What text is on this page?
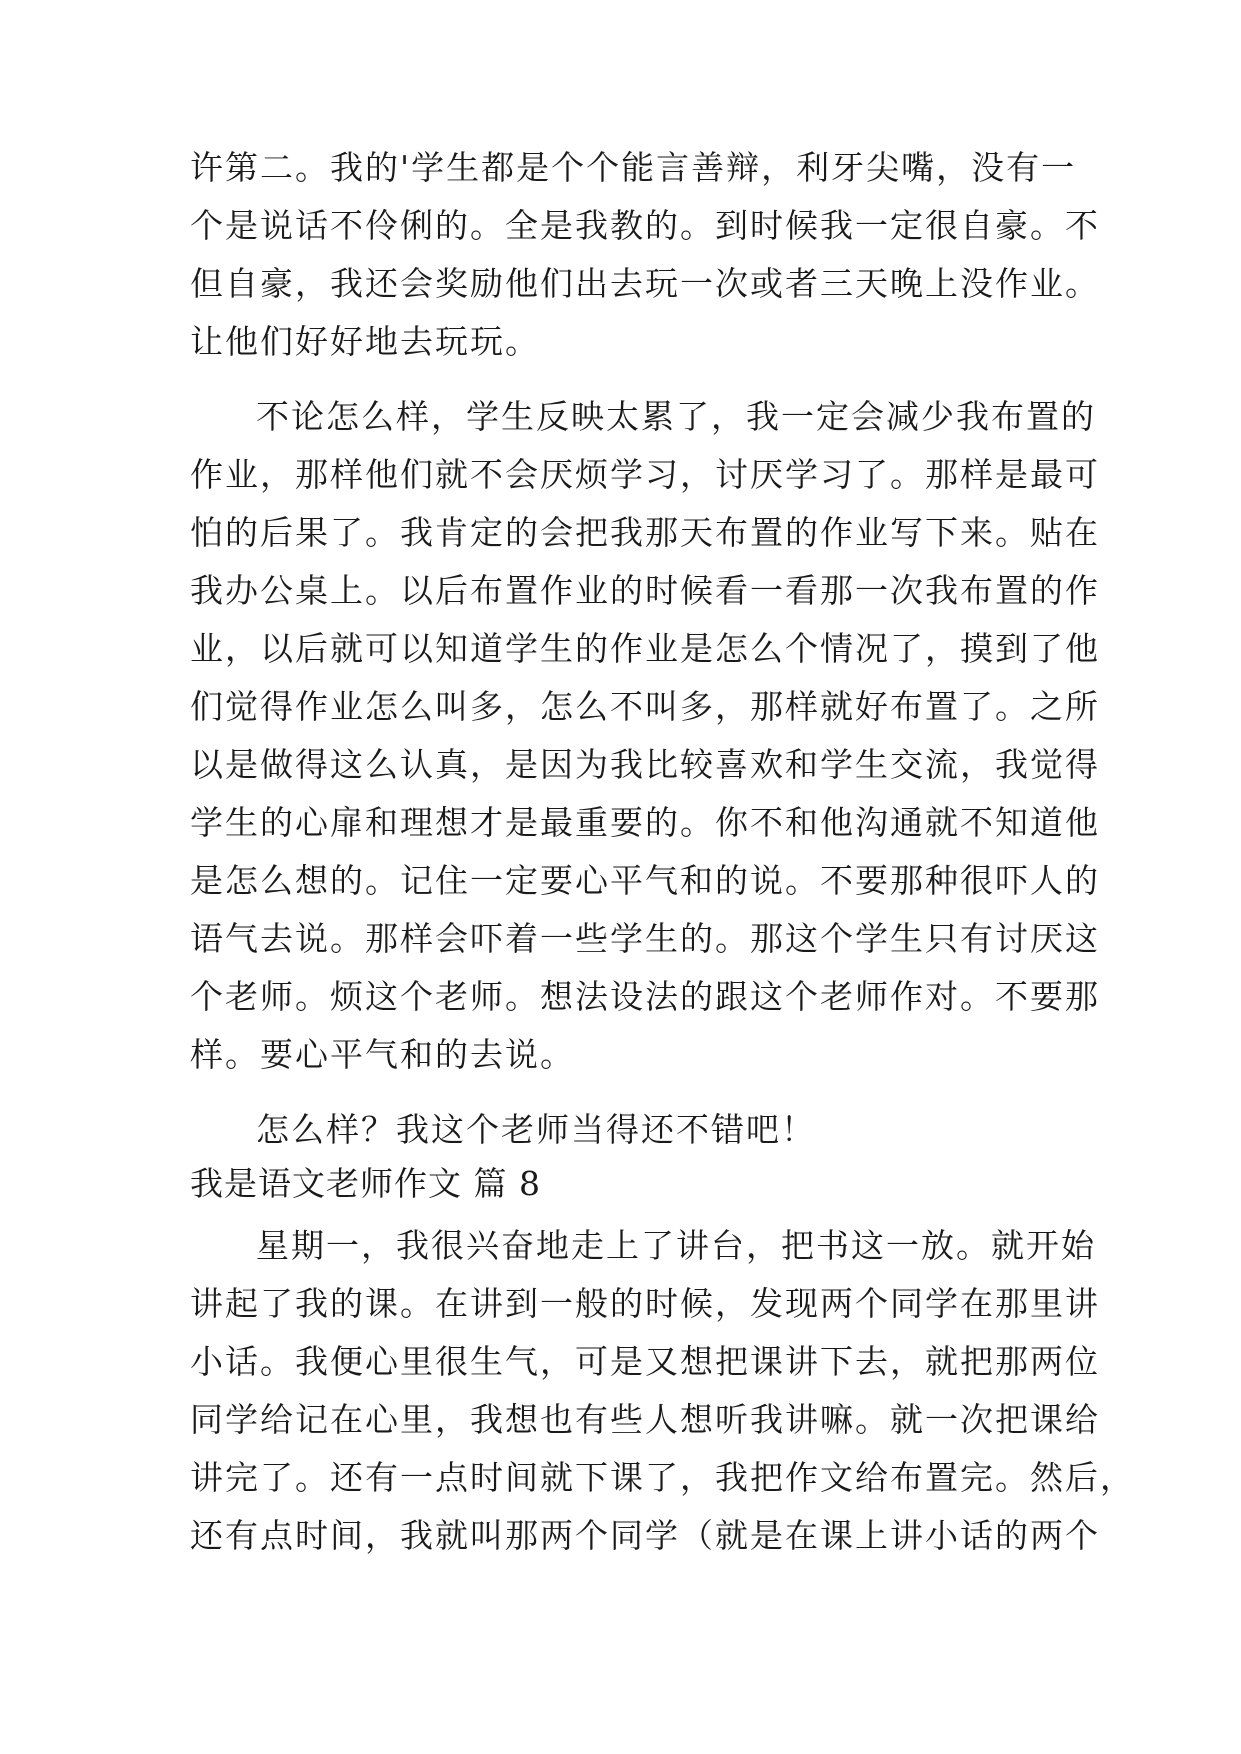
许第二。我的'学生都是个个能言善辩，利牙尖嘴，没有一
个是说话不伶俐的。全是我教的。到时候我一定很自豪。不
但自豪，我还会奖励他们出去玩一次或者三天晚上没作业。
让他们好好地去玩玩。
不论怎么样，学生反映太累了，我一定会减少我布置的
作业，那样他们就不会厌烦学习，讨厌学习了。那样是最可
怕的后果了。我肯定的会把我那天布置的作业写下来。贴在
我办公桌上。以后布置作业的时候看一看那一次我布置的作
业，以后就可以知道学生的作业是怎么个情况了，摸到了他
们觉得作业怎么叫多，怎么不叫多，那样就好布置了。之所
以是做得这么认真，是因为我比较喜欢和学生交流，我觉得
学生的心扉和理想才是最重要的。你不和他沟通就不知道他
是怎么想的。记住一定要心平气和的说。不要那种很吓人的
语气去说。那样会吓着一些学生的。那这个学生只有讨厌这
个老师。烦这个老师。想法设法的跟这个老师作对。不要那
样。要心平气和的去说。
怎么样？我这个老师当得还不错吧！
我是语文老师作文 篇 8
星期一，我很兴奋地走上了讲台，把书这一放。就开始
讲起了我的课。在讲到一般的时候，发现两个同学在那里讲
小话。我便心里很生气，可是又想把课讲下去，就把那两位
同学给记在心里，我想也有些人想听我讲嘛。就一次把课给
讲完了。还有一点时间就下课了，我把作文给布置完。然后，
还有点时间，我就叫那两个同学（就是在课上讲小话的两个
